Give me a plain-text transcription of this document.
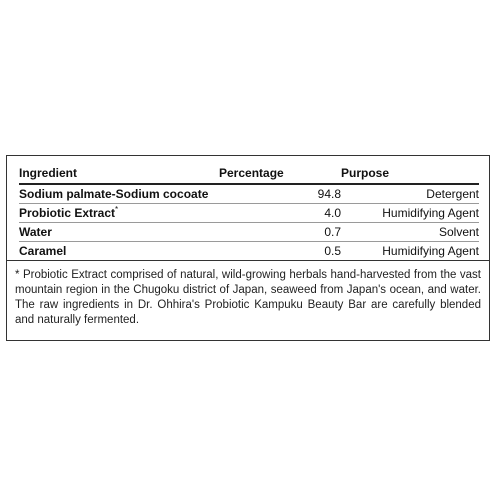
Ingredient	Percentage	Purpose
Sodium palmate-Sodium cocoate	94.8	Detergent
Probiotic Extract*	4.0	Humidifying Agent
Water	0.7	Solvent
Caramel	0.5	Humidifying Agent

* Probiotic Extract comprised of natural, wild-growing herbals hand-harvested from the vast mountain region in the Chugoku district of Japan, seaweed from Japan's ocean, and water. The raw ingredients in Dr. Ohhira's Probiotic Kampuku Beauty Bar are carefully blended and naturally fermented.
